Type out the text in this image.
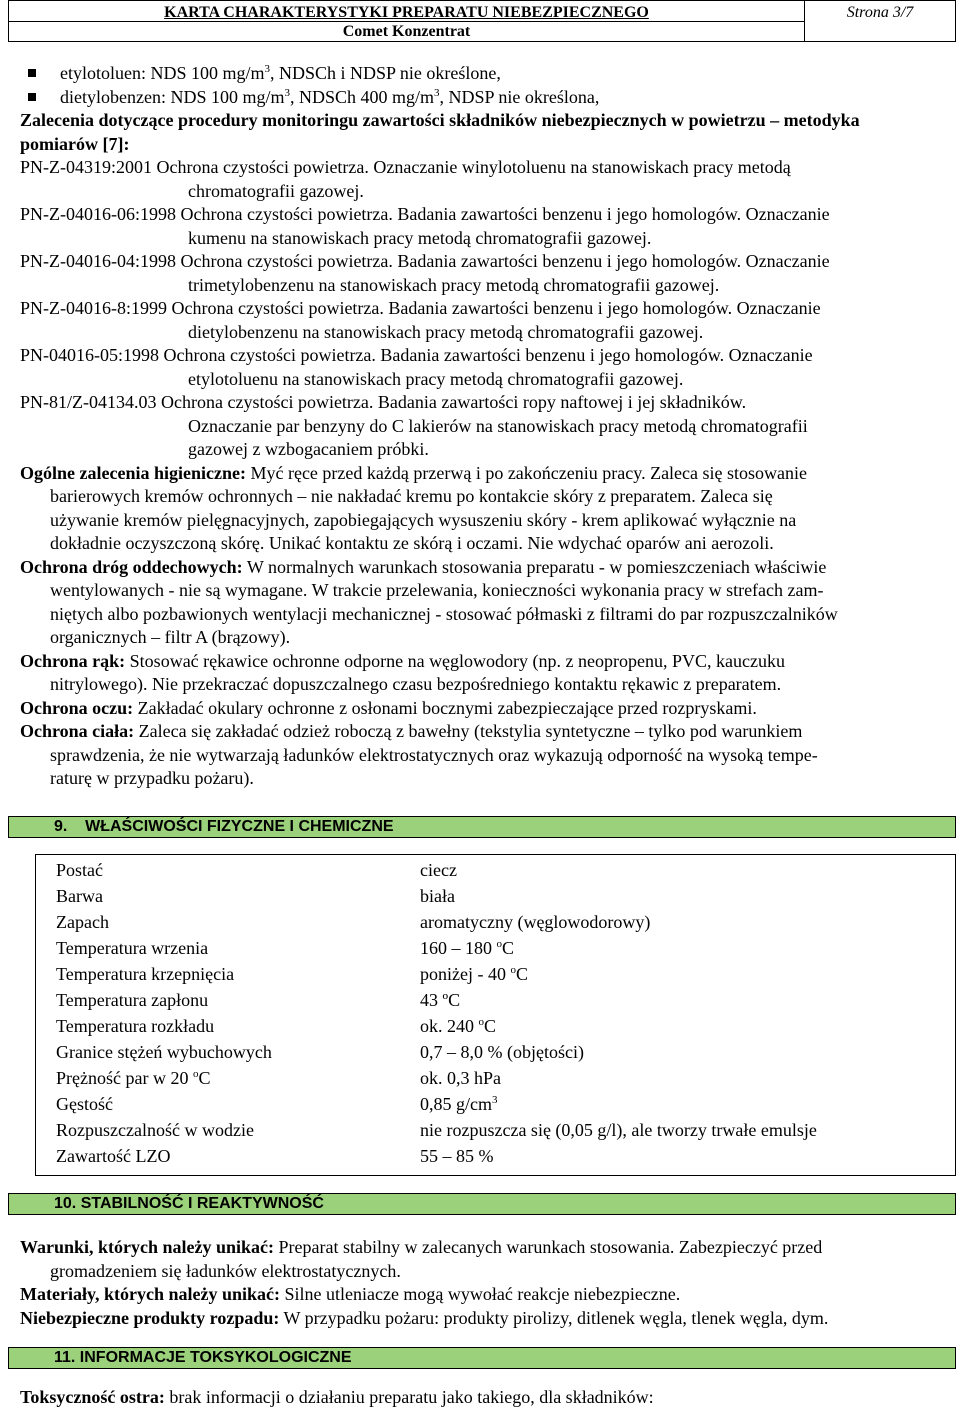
KARTA CHARAKTERYSTYKI PREPARATU NIEBEZPIECZNEGO
Comet Konzentrat
Strona 3/7
etylotoluen: NDS 100 $mg/m^3$, NDSCh i NDSP nie określone,
dietylobenzen: NDS 100 $mg/m^3$, NDSCh 400 $mg/m^3$, NDSP nie określona,

Zalecenia dotyczące procedury monitoringu zawartości składników niebezpiecznych w powietrzu – metodyka pomiarów [7]:

PN-Z-04319:2001 Ochrona czystości powietrza. Oznaczanie winylotoluenu na stanowiskach pracy metodą
chromatografii gazowej.

PN-Z-04016-06:1998 Ochrona czystości powietrza. Badania zawartości benzenu i jego homologów. Oznaczanie
kumenu na stanowiskach pracy metodą chromatografii gazowej.

PN-Z-04016-04:1998 Ochrona czystości powietrza. Badania zawartości benzenu i jego homologów. Oznaczanie
trimetylobenzenu na stanowiskach pracy metodą chromatografii gazowej.

PN-Z-04016-8:1999 Ochrona czystości powietrza. Badania zawartości benzenu i jego homologów. Oznaczanie
dietylobenzenu na stanowiskach pracy metodą chromatografii gazowej.

PN-04016-05:1998 Ochrona czystości powietrza. Badania zawartości benzenu i jego homologów. Oznaczanie
etylotoluenu na stanowiskach pracy metodą chromatografii gazowej.

PN-81/Z-04134.03 Ochrona czystości powietrza. Badania zawartości ropy naftowej i jej składników.
Oznaczanie par benzyny do C lakierów na stanowiskach pracy metodą chromatografii
gazowej z wzbogacaniem próbki.

Ogólne zalecenia higieniczne: Myć ręce przed każdą przerwą i po zakończeniu pracy. Zaleca się stosowanie
barierowych kremów ochronnych – nie nakładać kremu po kontakcie skóry z preparatem. Zaleca się
używanie kremów pielęgnacyjnych, zapobiegających wysuszeniu skóry - krem aplikować wyłącznie na
dokładnie oczyszczoną skórę. Unikać kontaktu ze skórą i oczami. Nie wdychać oparów ani aerozoli.

Ochrona dróg oddechowych: W normalnych warunkach stosowania preparatu - w pomieszczeniach właściwie
wentylowanych - nie są wymagane. W trakcie przelewania, konieczności wykonania pracy w strefach zam-
niętych albo pozbawionych wentylacji mechanicznej - stosować półmaski z filtrami do par rozpuszczalników
organicznych – filtr A (brązowy).

Ochrona rąk: Stosować rękawice ochronne odporne na węglowodory (np. z neopropenu, PVC, kauczuku
nitrylowego). Nie przekraczać dopuszczalnego czasu bezpośredniego kontaktu rękawic z preparatem.

Ochrona oczu: Zakładać okulary ochronne z osłonami bocznymi zabezpieczające przed rozpryskami.

Ochrona ciała: Zaleca się zakładać odzież roboczą z bawełny (tekstylia syntetyczne – tylko pod warunkiem
sprawdzenia, że nie wytwarzają ładunków elektrostatycznych oraz wykazują odporność na wysoką tempe-
raturę w przypadku pożaru).

9.    WŁAŚCIWOŚCI FIZYCZNE I CHEMICZNE
Postać	ciecz
Barwa	biała
Zapach	aromatyczny (węglowodorowy)
Temperatura wrzenia	160 – 180 $^o$C
Temperatura krzepnięcia	poniżej - 40 $^o$C
Temperatura zapłonu	43 ºC
Temperatura rozkładu	ok. 240 $^o$C
Granice stężeń wybuchowych	0,7 – 8,0 % (objętości)
Prężność par w 20 $^o$C	ok. 0,3 hPa
Gęstość	0,85 $g/cm^3$
Rozpuszczalność w wodzie	nie rozpuszcza się (0,05 g/l), ale tworzy trwałe emulsje
Zawartość LZO	55 – 85 %
10. STABILNOŚĆ I REAKTYWNOŚĆ

Warunki, których należy unikać: Preparat stabilny w zalecanych warunkach stosowania. Zabezpieczyć przed
gromadzeniem się ładunków elektrostatycznych.

Materiały, których należy unikać: Silne utleniacze mogą wywołać reakcje niebezpieczne.

Niebezpieczne produkty rozpadu: W przypadku pożaru: produkty pirolizy, ditlenek węgla, tlenek węgla, dym.

11. INFORMACJE TOKSYKOLOGICZNE

Toksyczność ostra: brak informacji o działaniu preparatu jako takiego, dla składników:
